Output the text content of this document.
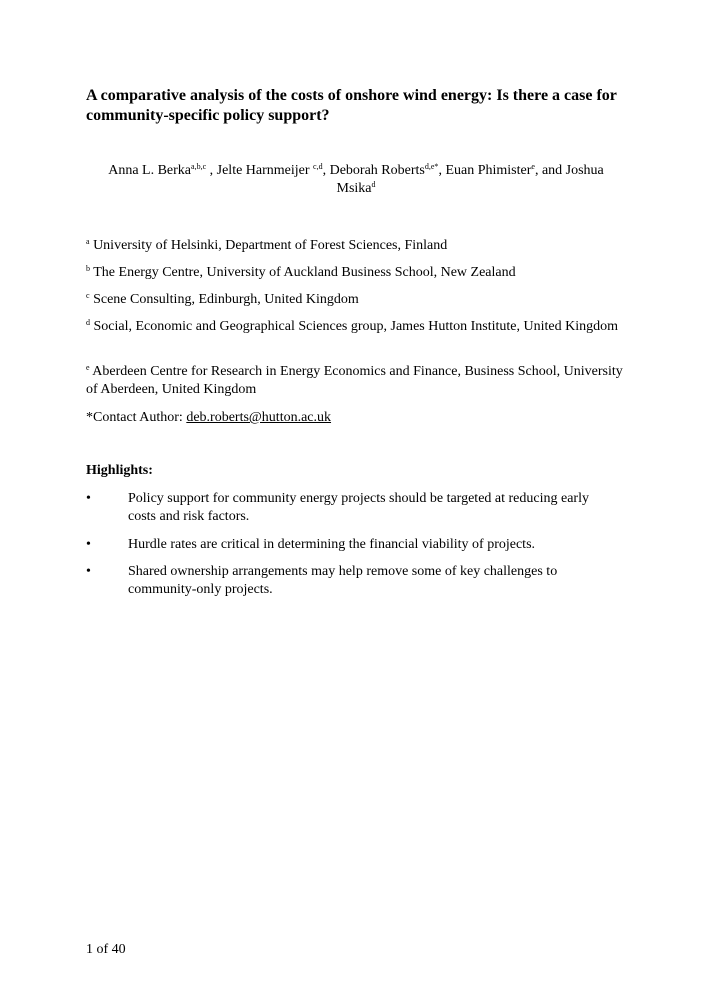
A comparative analysis of the costs of onshore wind energy: Is there a case for
community-specific policy support?
Anna L. Berka$^{a,b,c}$ , Jelte Harnmeijer $^{c,d}$, Deborah Roberts$^{d,e*}$, Euan Phimister$^e$, and Joshua
Msika$^d$
$^a$ University of Helsinki, Department of Forest Sciences, Finland
$^b$ The Energy Centre, University of Auckland Business School, New Zealand
$^c$ Scene Consulting, Edinburgh, United Kingdom
$^d$ Social, Economic and Geographical Sciences group, James Hutton Institute, United Kingdom
$^e$ Aberdeen Centre for Research in Energy Economics and Finance, Business School, University of Aberdeen, United Kingdom
*Contact Author: deb.roberts@hutton.ac.uk
Highlights:
•	Policy support for community energy projects should be targeted at reducing early costs and risk factors.
•	Hurdle rates are critical in determining the financial viability of projects.
•	Shared ownership arrangements may help remove some of key challenges to community-only projects.
1 of 40
